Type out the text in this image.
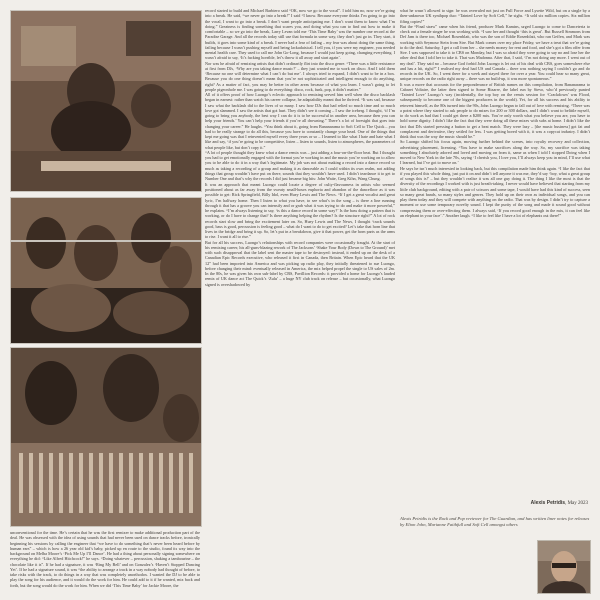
unconventional for the time. He’s certain that he was the first remixer to make additional production part of the deal. He was obsessed with the idea of using sounds that had never been used on dance tracks before, ironically beginning his sessions by calling the engineer that “we have to do something that’s never been heard before by human ears” – which is how a 26 year old kid’s baby, picked up en route to the studio, found its way into the background on Melba Moore’s ‘Pick Me Up I’ll Dance’. He had a thing about personally signing somewhere on everything he did: “Like Alfred Hitchcock!” he says. “Doing whatever – percussion, shaking a tambourine – the chocolate like it is”. If he had a signature, it was ‘Ring My Bell’ and on Gonzalez’s ‘Haven’t Stopped Dancing Yet’. If he had a signature sound, it was “the ability to arrange a track in a way nobody had thought of before, to take risks with the track, to do things in a way that was completely unorthodox. I wanted the DJ to be able to play the song for his audience, and it would do the work for him. He could add to it if he wanted, mix back and forth, but the song would do the work for him. When we did ‘This Time Baby’ for Jackie Moore, the

record started to build and Michael Barbiero said “OK, now we go to the vocal”. I told him no, now we’re going into a break. He said, “we never go into a break!” I said “I know. Because everyone thinks I’m going to go into the vocal, I want to go into a break. I don’t want people anticipating me. I don’t want them to know what I’m doing.” Greatness is finding something that scares you, and doing what you can to find out how to make it comfortable – so we go into the break, Larry Levan told me ‘This Time Baby’ was the number one record at the Paradise Garage. And all the records today still use that formula in some way, they don’t just go in. They start, it builds, it goes into some kind of a break. I never had a fear of failing – my fear was about doing the same thing, failing because I wasn’t pushing myself and being lackadaisical. I tell you, if you were my engineer, you needed mental health care. They used to call me John Go-Long, because I would just keep going, changing everything. I wasn’t afraid to say, ‘It’s fucking horrible, let’s throw it all away and start again’.
Nor was he afraid of remixing artists that didn’t ordinarily flirt into the disco genre. “There was a little resistance at first from DJs, ‘Why are you taking dance music?’ – they just wanted me to work on disco. And I told them ‘Because no one will determine what I can’t do but me’. I always tried to expand, I didn’t want to be in a box. Because you do one thing doesn’t mean that you’re not sophisticated and intelligent enough to do anything, right? As a matter of fact, you may be better in other areas because of what you learn. I wasn’t going to let people pigeonhole me. I was going to do everything: disco, rock, funk, pop, it didn’t matter.”
All of it offers proof of how Luongo’s eclectic approach to remixing served him well when the disco backlash began in earnest: rather than watch his career collapse, he adaptability meant that he thrived. “It was sad, because I saw what the backlash did to the lives of so many. I saw how DJs that had relied so much time and so much love got slammed. I saw the artists that got hurt. They didn’t see it coming – I saw the iceberg. I thought, ‘if I’m going to bring you anybody, the best way I can do it is to be successful in another area, because then you can help your friends.’ You can’t help your friends if you’re all drowning.” There’s a lot of foresight that goes into changing your career.” He laughs. “You think about it, going from Bananarama to Soft Cell to The Quick…you had to be really strange to do all this, because you have to constantly change your head. One of the things that kept me going was that I reinvented myself every three years or so – I learned to like what I hate and hate what I like and say, ‘if you’re going to be competitive, listen – listen to sounds, listen to atmospheres, the parameters of what people like, but don’t copy it.”
“A lot of people thought they knew what a dance remix was – just adding a four-on-the-floor beat. But I thought you had to get emotionally engaged with the format you’re working in and the music you’re working on to allow you to be able to do it in a way that’s legitimate. My job was not about making a record into a dance record so much as taking a recording of a group and making it as danceable as I could within its own realm, not adding things that group wouldn’t have put on there, sounds that they wouldn’t have used. I didn’t teardance it to get to Number One and that’s why the records I did just became big hits: John Waite, Greg Kihn, Wang Chung.

It was an approach that meant Luongo could locate a degree of culty-flavourness in artists who seemed positioned about as far away from the sweaty small-hours euphoria and abandon of the dancefloor as it was possible to get: Rick Springfield, Billy Idol, even Huey Lewis and The News. “If I get a great vocalist and great lyric, I’m halfway home. Then I listen to what you have, to see what’s in the song – is there a line running through it that has a groove you can intensify and or grab what it was trying to do and make it more powerful,” he explains. “I’m always listening to say, ‘is this a dance record in some way?’ Is the bass doing a pattern that is working, or do I have to change that? Is there anything helping the rhythm? Is the structure right?” A lot of rock records start slow and bring the excitement later on. So, Huey Lewis and The News, I thought ‘track sounds good, bass is good, percussion is feeling good – what do I want to do to get excited? Let’s take that horn line that lives in the bridge and bring it up. So, let’s put in a breakdown, give it that power, get the horn parts as the arms to rise. I want it all to rise.”
But for all his success, Luongo’s relationships with record companies were occasionally fraught. At the start of his remixing career, his all-guns-blazing rework of The Jacksons’ ‘Shake Your Body (Down to The Ground)’ met with such disapproval that the label sent the master tape to be destroyed: instead, it ended up on the desk of a Canadian Epic Records executive, who released it first in Canada, then Britain. When Epic heard that the UK 12” had been imported into America and was picking up radio play, they initially threatened to sue Luongo, before changing their mind: eventually released in America, the mix helped propel the single to US sales of 2m. In the 80s, he was given his own sub-label by CBS, Pavillion Records: it provided a home for Luongo’s lauded remix of UK dance act The Quick’s ‘Zulu’ – a huge NY club track on release – but occasionally, what Luongo signed is overshadowed by

what he wasn’t allowed to sign: he was overruled not just on Full Force and Lysette Wild, but on a single by a then-unknown UK synthpop duo: “Tainted Love by Soft Cell,” he sighs. “It sold six million copies. Six million fifing copies!”
But the “Final straw” came when his friend, producer Mark Kamins, urged Luongo to come to Danceteria to check out a female singer he was working with. “I saw her and thought ‘this is great’. But Russell Simmons from Def Jam is there too, Michael Rosenblatt, who was the son of Eddie Rosenblatt, who ran Geffen, and Mark was working with Seymour Stein from Sire. But Mark comes over my place Friday, we have a treat that we’re going to do the deal. Saturday, I get a call from her – she needs money for rent and food, and she’s got a film offer from Sire. I was supposed to take it to CBS on Monday, but I was so afraid they were going to say no and lose her the other deal that I told her to take it. That was Madonna. After that, I said, ‘I’m not doing any more. I went out of my deal’. They said no – because God forbid John Luongo is let out of his deal with CBS, goes somewhere else and has a hit, right?” I realised my deal had US and Canada – there was nothing saying I couldn’t go and do records in the UK. So, I went there for a week and stayed there for over a year. You could hear so many great, unique records on the radio right away – there was no build-up, it was more spontaneous.”
It was a move that accounts for the preponderance of British names on this compilation, from Bananarama to Cabaret Voltaire, the latter then signed to Some Bizarre, the label run by Stevo, who’d previously punted ‘Tainted Love’ Luongo’s way (incidentally, the top boy on the remix session for ‘Crackdown’ was Flood, subsequently to become one of the biggest producers in the world). Yet, for all his success and his ability to reinvent himself, as the 80s turned into the 90s, John Luongo began to fall out of love with remixing. “There was a point where they started to ask people to do mixes for 200 or 300 dollars, and I didn’t want to belittle myself, to do work as bad that I could get there a $200 mix. You’re only worth what you believe you are, you have to hold some dignity. I didn’t like the fact that they were doing all these mixes with subs at home. I didn’t like the fact that DJs started pressing a button to get a beat match. They were lazy – [the music business] got fat and complacent and derivative, they settled for less. I was getting bored with it, it was a copycat industry. I didn’t think that was the way the music should be.”
So Luongo shifted his focus again, moving further behind the scenes, into royalty recovery and collection, advertising placement, licensing. “You have to make sacrifices along the way. So, my sacrifice was taking something I absolutely adored and loved and moving on from it, same as when I told I stopped Doing when I moved to New York in the late 70s, saying ‘I cherish you, I love you, I’ll always keep you in mind, I’ll use what I learned, but I’ve got to move on.’
He says he isn’t much interested in looking back, but this compilation made him think again. “I like the fact that if you played this whole thing, just put it on and didn’t tell anyone it was me, they’d say ‘boy, what a great group of songs this is!’ – but they wouldn’t realise it was all one guy doing it. The thing I like the most is that the diversity of the recordings I worked with is just breath-taking. I never would have believed that starting from my little club background, editing with a pair of scissors and some tape, I would have had this kind of success, seen so many great bands, so many styles and genres. They hold up on their own as individual songs, and you can play them today and they will compete with anything on the radio. That was by design. I didn’t try to capture a moment or use some temporary novelty sound. I kept the purity of the song and made it sound good without compressing them or over-effecting them. I always said, ‘If you record good enough in the mix, it can feel like an elephant in your face’.” Another laugh. “I like to feel like I have a lot of elephants out there!”

Alexis Petridis, May 2023
Alexis Petridis is the Rock and Pop reviewer for The Guardian, and has written liner notes for releases by Elton John, Marianne Faithfull and Soft Cell amongst others
